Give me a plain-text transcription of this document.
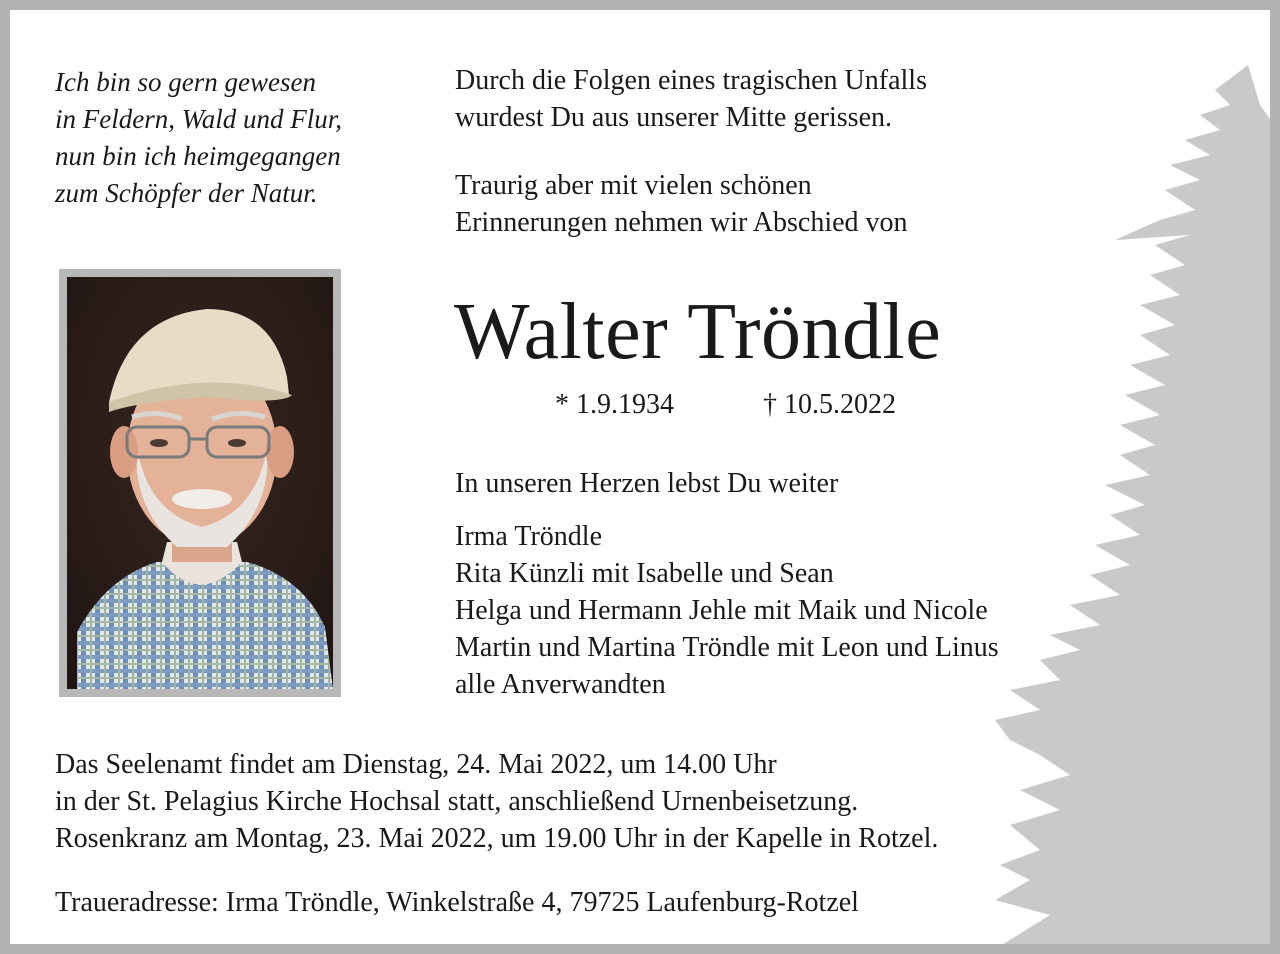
Ich bin so gern gewesen
in Feldern, Wald und Flur,
nun bin ich heimgegangen
zum Schöpfer der Natur.
Durch die Folgen eines tragischen Unfalls
wurdest Du aus unserer Mitte gerissen.
Traurig aber mit vielen schönen
Erinnerungen nehmen wir Abschied von
Walter Tröndle
* 1.9.1934	† 10.5.2022
In unseren Herzen lebst Du weiter
Irma Tröndle
Rita Künzli mit Isabelle und Sean
Helga und Hermann Jehle mit Maik und Nicole
Martin und Martina Tröndle mit Leon und Linus
alle Anverwandten
Das Seelenamt findet am Dienstag, 24. Mai 2022, um 14.00 Uhr
in der St. Pelagius Kirche Hochsal statt, anschließend Urnenbeisetzung.
Rosenkranz am Montag, 23. Mai 2022, um 19.00 Uhr in der Kapelle in Rotzel.
Traueradresse: Irma Tröndle, Winkelstraße 4, 79725 Laufenburg-Rotzel
